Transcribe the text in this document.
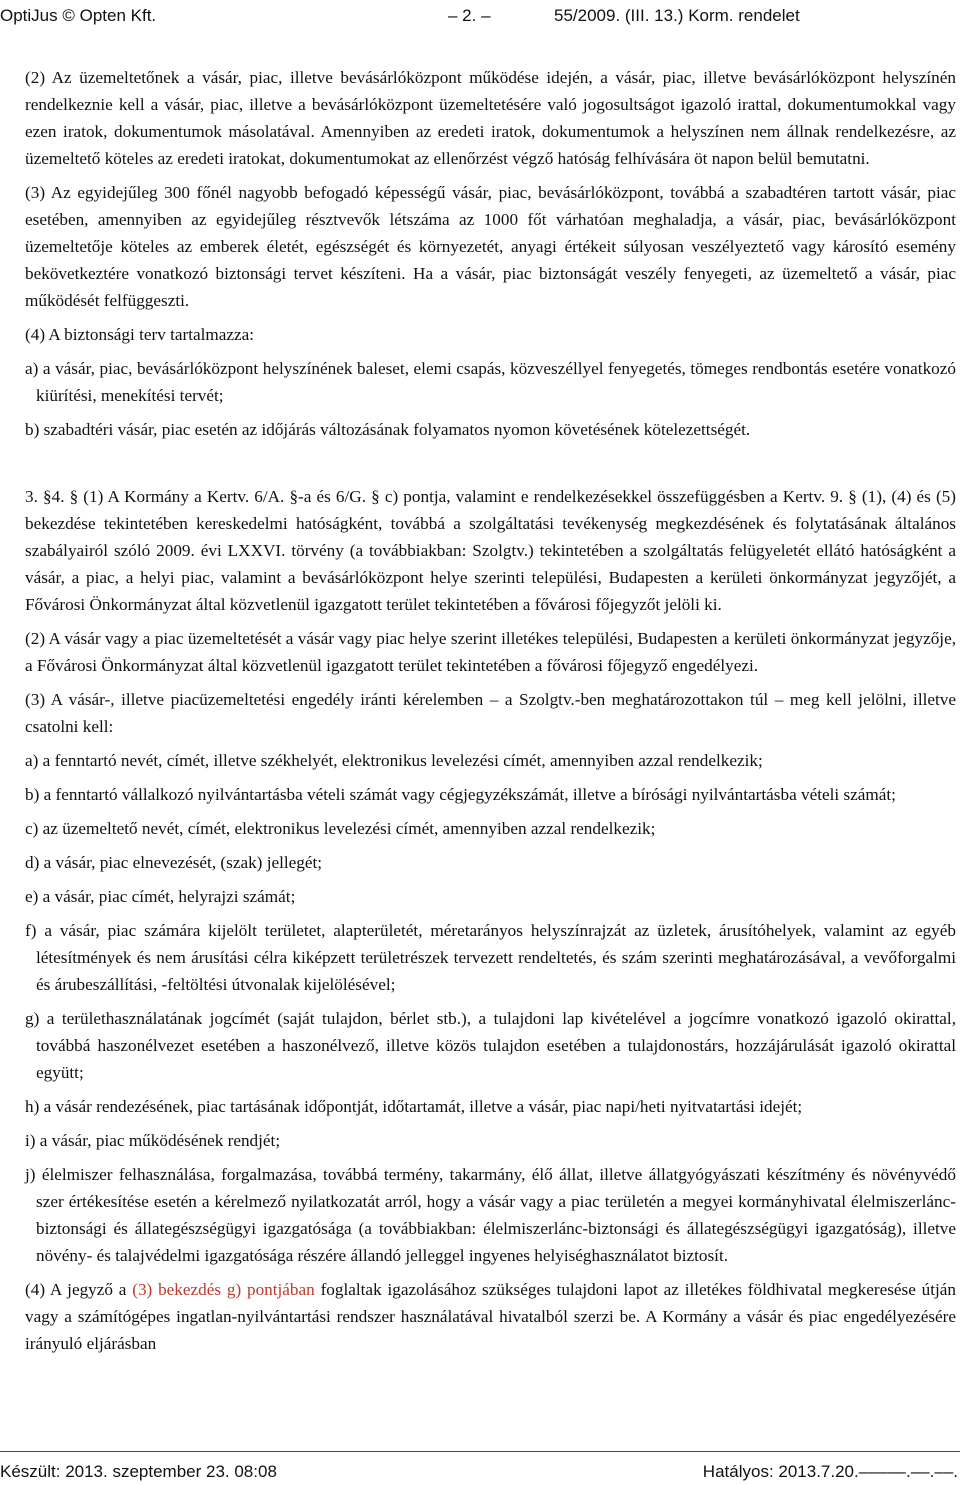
OptiJus © Opten Kft.	– 2. –	55/2009. (III. 13.) Korm. rendelet

(2) Az üzemeltetőnek a vásár, piac, illetve bevásárlóközpont működése idején, a vásár, piac, illetve bevásárlóközpont helyszínén rendelkeznie kell a vásár, piac, illetve a bevásárlóközpont üzemeltetésére való jogosultságot igazoló irattal, dokumentumokkal vagy ezen iratok, dokumentumok másolatával. Amennyiben az eredeti iratok, dokumentumok a helyszínen nem állnak rendelkezésre, az üzemeltető köteles az eredeti iratokat, dokumentumokat az ellenőrzést végző hatóság felhívására öt napon belül bemutatni.

(3) Az egyidejűleg 300 főnél nagyobb befogadó képességű vásár, piac, bevásárlóközpont, továbbá a szabadtéren tartott vásár, piac esetében, amennyiben az egyidejűleg résztvevők létszáma az 1000 főt várhatóan meghaladja, a vásár, piac, bevásárlóközpont üzemeltetője köteles az emberek életét, egészségét és környezetét, anyagi értékeit súlyosan veszélyeztető vagy károsító esemény bekövetkeztére vonatkozó biztonsági tervet készíteni. Ha a vásár, piac biztonságát veszély fenyegeti, az üzemeltető a vásár, piac működését felfüggeszti.

(4) A biztonsági terv tartalmazza:

a) a vásár, piac, bevásárlóközpont helyszínének baleset, elemi csapás, közveszéllyel fenyegetés, tömeges rendbontás esetére vonatkozó kiürítési, menekítési tervét;

b) szabadtéri vásár, piac esetén az időjárás változásának folyamatos nyomon követésének kötelezettségét.

3. §4. § (1) A Kormány a Kertv. 6/A. §-a és 6/G. § c) pontja, valamint e rendelkezésekkel összefüggésben a Kertv. 9. § (1), (4) és (5) bekezdése tekintetében kereskedelmi hatóságként, továbbá a szolgáltatási tevékenység megkezdésének és folytatásának általános szabályairól szóló 2009. évi LXXVI. törvény (a továbbiakban: Szolgtv.) tekintetében a szolgáltatás felügyeletét ellátó hatóságként a vásár, a piac, a helyi piac, valamint a bevásárlóközpont helye szerinti települési, Budapesten a kerületi önkormányzat jegyzőjét, a Fővárosi Önkormányzat által közvetlenül igazgatott terület tekintetében a fővárosi főjegyzőt jelöli ki.

(2) A vásár vagy a piac üzemeltetését a vásár vagy piac helye szerint illetékes települési, Budapesten a kerületi önkormányzat jegyzője, a Fővárosi Önkormányzat által közvetlenül igazgatott terület tekintetében a fővárosi főjegyző engedélyezi.

(3) A vásár-, illetve piacüzemeltetési engedély iránti kérelemben – a Szolgtv.-ben meghatározottakon túl – meg kell jelölni, illetve csatolni kell:

a) a fenntartó nevét, címét, illetve székhelyét, elektronikus levelezési címét, amennyiben azzal rendelkezik;

b) a fenntartó vállalkozó nyilvántartásba vételi számát vagy cégjegyzékszámát, illetve a bírósági nyilvántartásba vételi számát;

c) az üzemeltető nevét, címét, elektronikus levelezési címét, amennyiben azzal rendelkezik;

d) a vásár, piac elnevezését, (szak) jellegét;

e) a vásár, piac címét, helyrajzi számát;

f) a vásár, piac számára kijelölt területet, alapterületét, méretarányos helyszínrajzát az üzletek, árusítóhelyek, valamint az egyéb létesítmények és nem árusítási célra kiképzett területrészek tervezett rendeltetés, és szám szerinti meghatározásával, a vevőforgalmi és árubeszállítási, -feltöltési útvonalak kijelölésével;

g) a területhasználatának jogcímét (saját tulajdon, bérlet stb.), a tulajdoni lap kivételével a jogcímre vonatkozó igazoló okirattal, továbbá haszonélvezet esetében a haszonélvező, illetve közös tulajdon esetében a tulajdonostárs, hozzájárulását igazoló okirattal együtt;

h) a vásár rendezésének, piac tartásának időpontját, időtartamát, illetve a vásár, piac napi/heti nyitvatartási idejét;

i) a vásár, piac működésének rendjét;

j) élelmiszer felhasználása, forgalmazása, továbbá termény, takarmány, élő állat, illetve állatgyógyászati készítmény és növényvédő szer értékesítése esetén a kérelmező nyilatkozatát arról, hogy a vásár vagy a piac területén a megyei kormányhivatal élelmiszerlánc-biztonsági és állategészségügyi igazgatósága (a továbbiakban: élelmiszerlánc-biztonsági és állategészségügyi igazgatóság), illetve növény- és talajvédelmi igazgatósága részére állandó jelleggel ingyenes helyiséghasználatot biztosít.

(4) A jegyző a (3) bekezdés g) pontjában foglaltak igazolásához szükséges tulajdoni lapot az illetékes földhivatal megkeresése útján vagy a számítógépes ingatlan-nyilvántartási rendszer használatával hivatalból szerzi be. A Kormány a vásár és piac engedélyezésére irányuló eljárásban

Készült: 2013. szeptember 23. 08:08	Hatályos: 2013.7.20.–––––.––.––.
